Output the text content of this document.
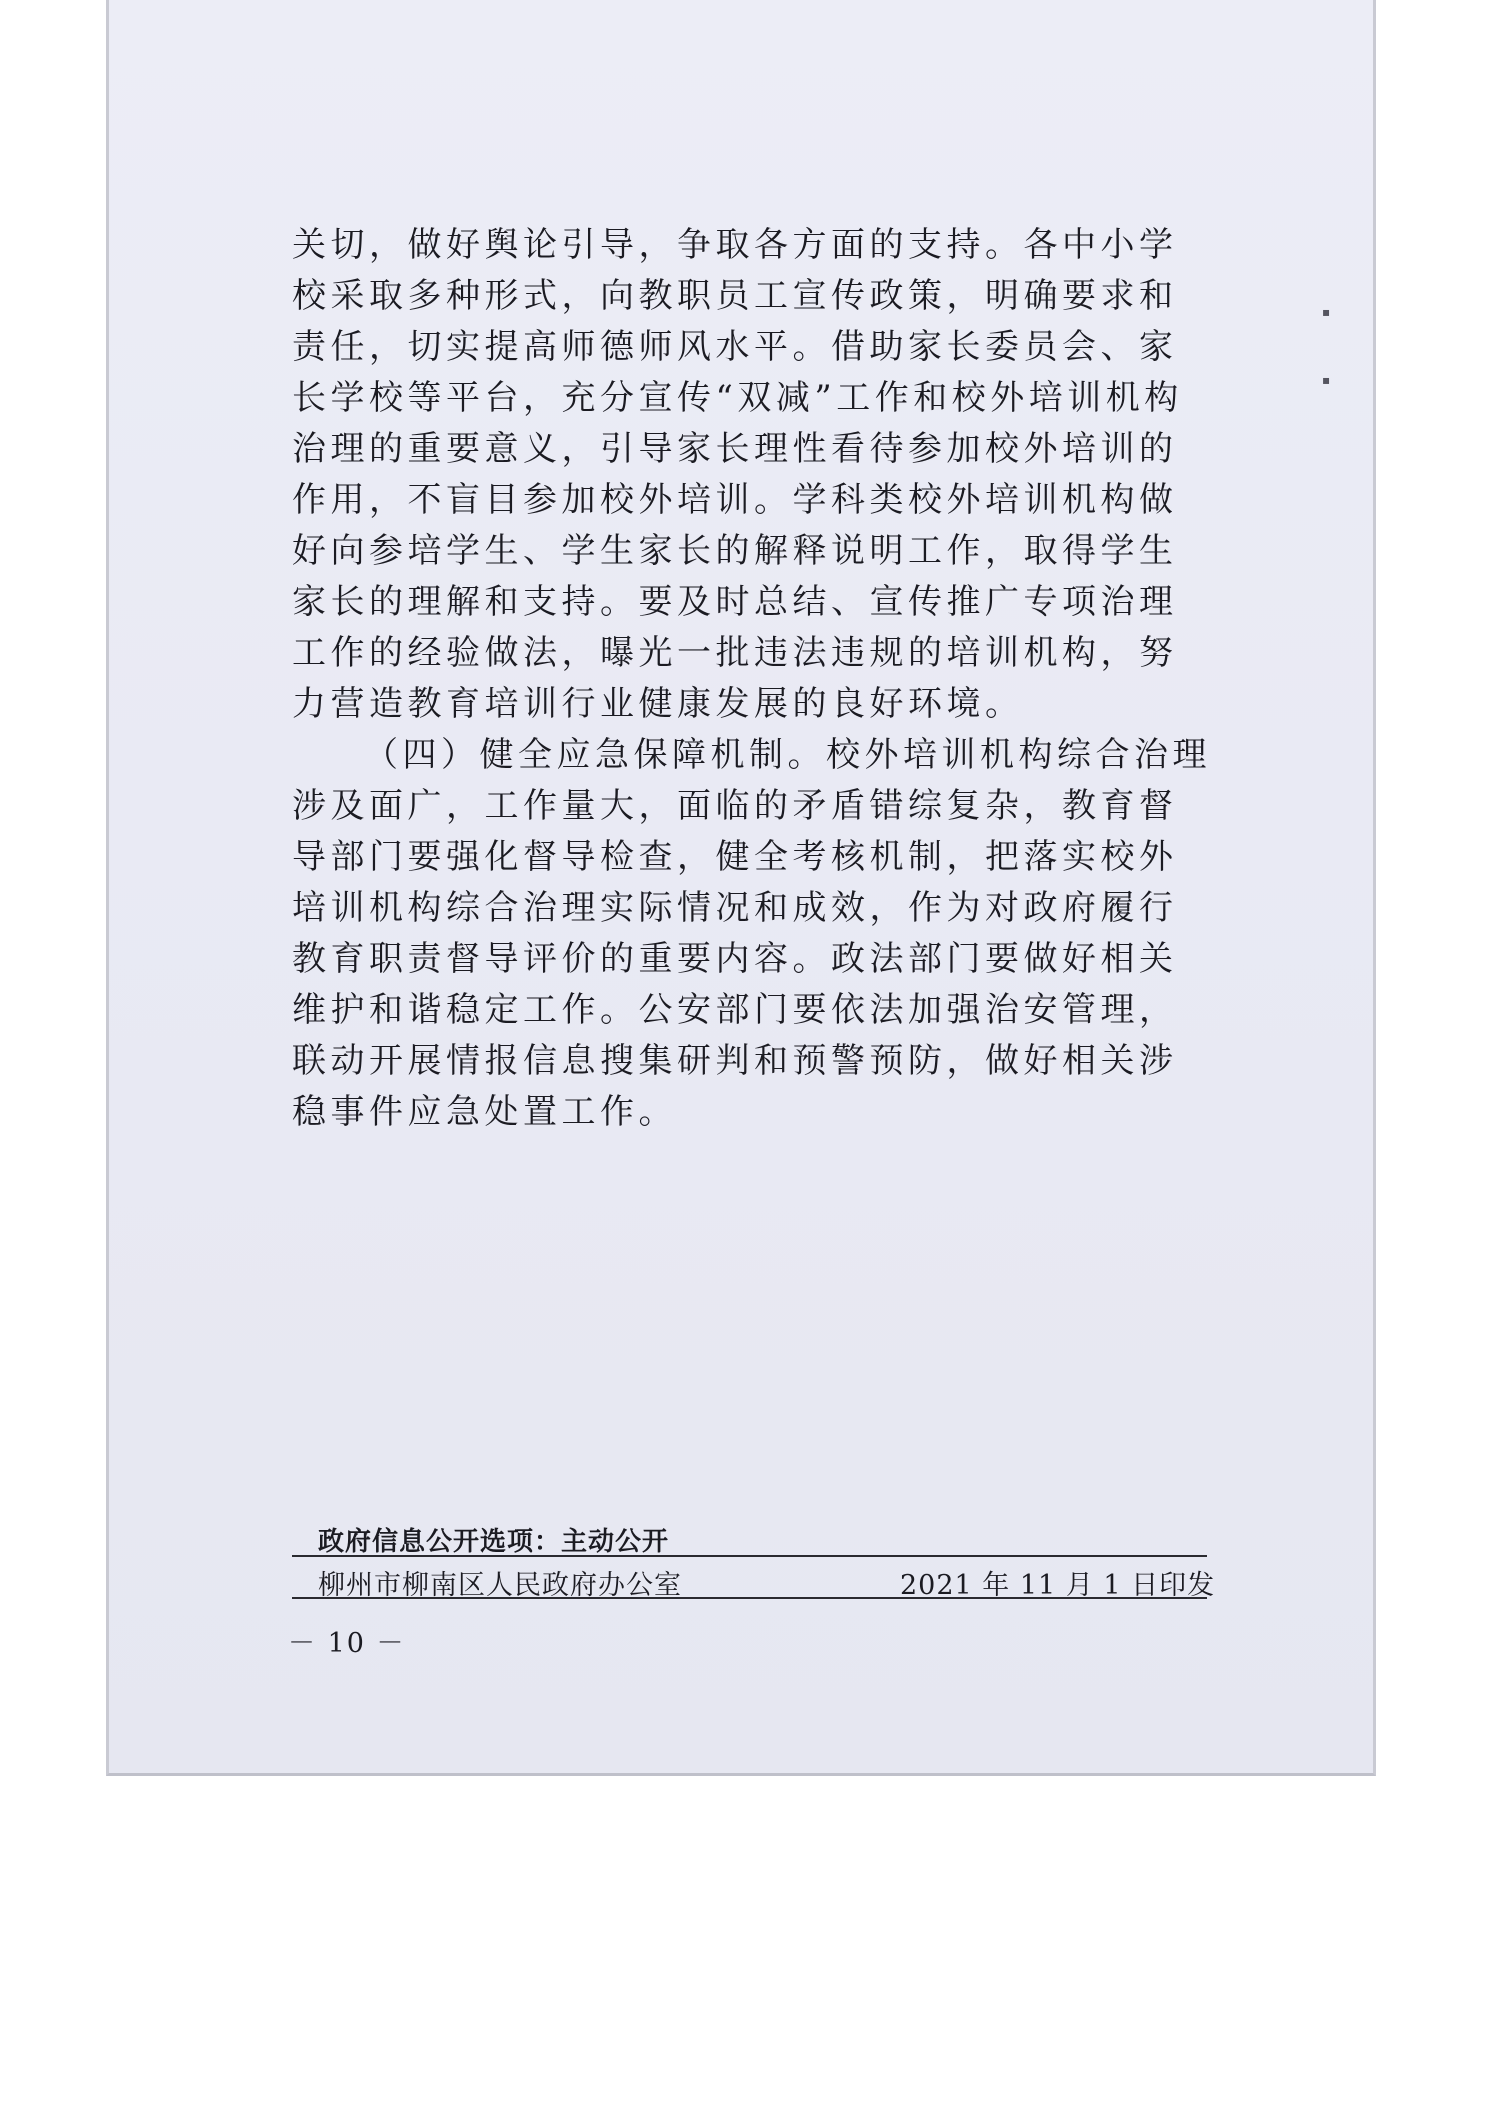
▪
▪

关切，做好舆论引导，争取各方面的支持。各中小学校采取多种形式，向教职员工宣传政策，明确要求和责任，切实提高师德师风水平。借助家长委员会、家长学校等平台，充分宣传“双减”工作和校外培训机构治理的重要意义，引导家长理性看待参加校外培训的作用，不盲目参加校外培训。学科类校外培训机构做好向参培学生、学生家长的解释说明工作，取得学生家长的理解和支持。要及时总结、宣传推广专项治理工作的经验做法，曝光一批违法违规的培训机构，努力营造教育培训行业健康发展的良好环境。

（四）健全应急保障机制。校外培训机构综合治理涉及面广，工作量大，面临的矛盾错综复杂，教育督导部门要强化督导检查，健全考核机制，把落实校外培训机构综合治理实际情况和成效，作为对政府履行教育职责督导评价的重要内容。政法部门要做好相关维护和谐稳定工作。公安部门要依法加强治安管理，联动开展情报信息搜集研判和预警预防，做好相关涉稳事件应急处置工作。

政府信息公开选项：主动公开
柳州市柳南区人民政府办公室	2021 年 11 月 1 日印发
－ 10 －
